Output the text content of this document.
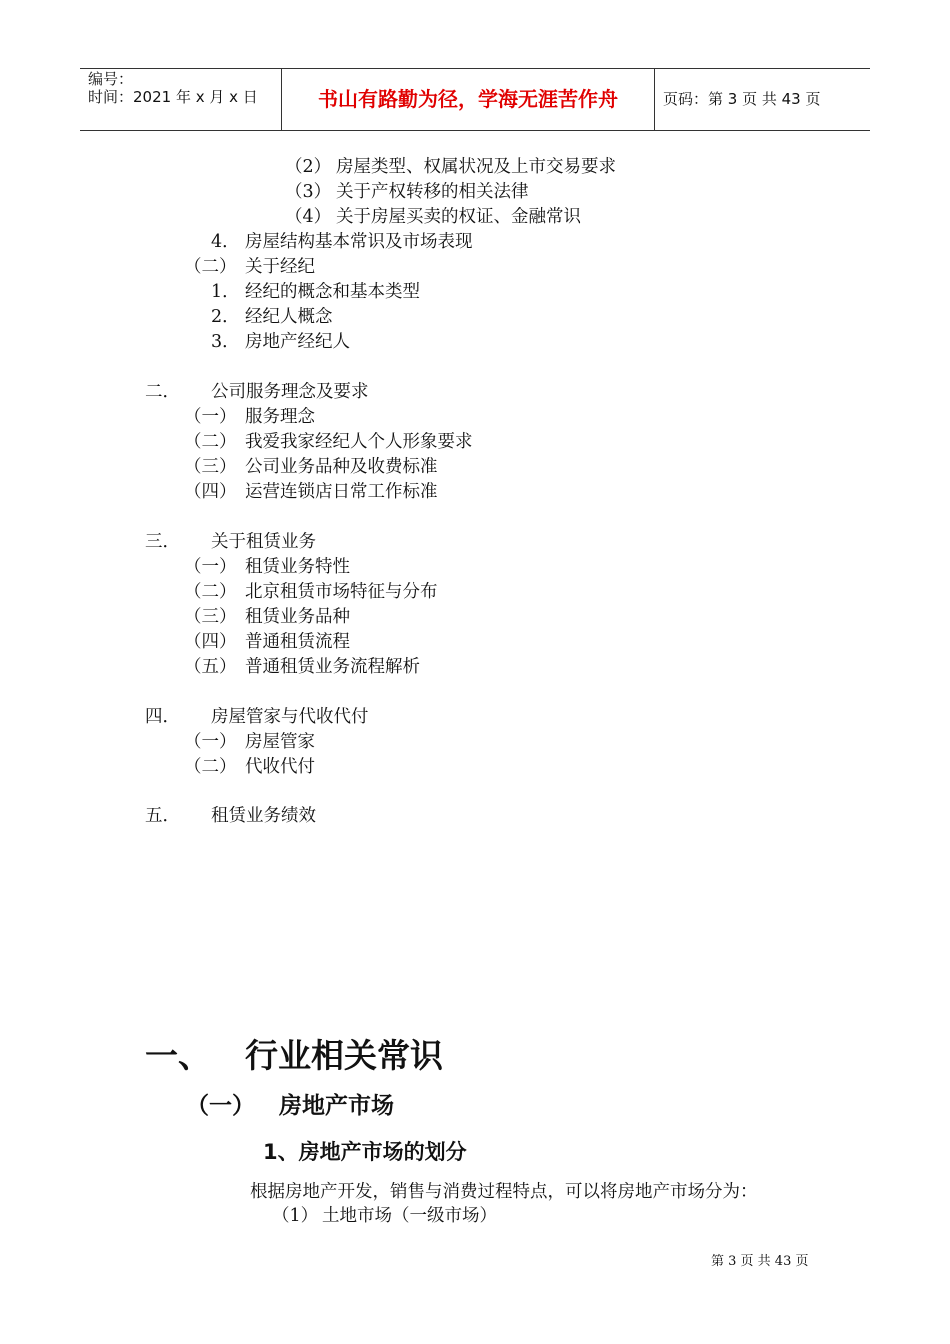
编号：
时间：2021 年 x 月 x 日	书山有路勤为径，学海无涯苦作舟	页码：第 3 页 共 43 页
（2） 房屋类型、权属状况及上市交易要求
（3） 关于产权转移的相关法律
（4） 关于房屋买卖的权证、金融常识
4． 房屋结构基本常识及市场表现
（二） 关于经纪
1． 经纪的概念和基本类型
2． 经纪人概念
3． 房地产经纪人
二． 公司服务理念及要求
（一） 服务理念
（二） 我爱我家经纪人个人形象要求
（三） 公司业务品种及收费标准
（四） 运营连锁店日常工作标准
三． 关于租赁业务
（一） 租赁业务特性
（二） 北京租赁市场特征与分布
（三） 租赁业务品种
（四） 普通租赁流程
（五） 普通租赁业务流程解析
四． 房屋管家与代收代付
（一） 房屋管家
（二） 代收代付
五． 租赁业务绩效
一、 行业相关常识
（一） 房地产市场
1、房地产市场的划分
根据房地产开发，销售与消费过程特点，可以将房地产市场分为：
（1） 土地市场（一级市场）
第 3 页 共 43 页
